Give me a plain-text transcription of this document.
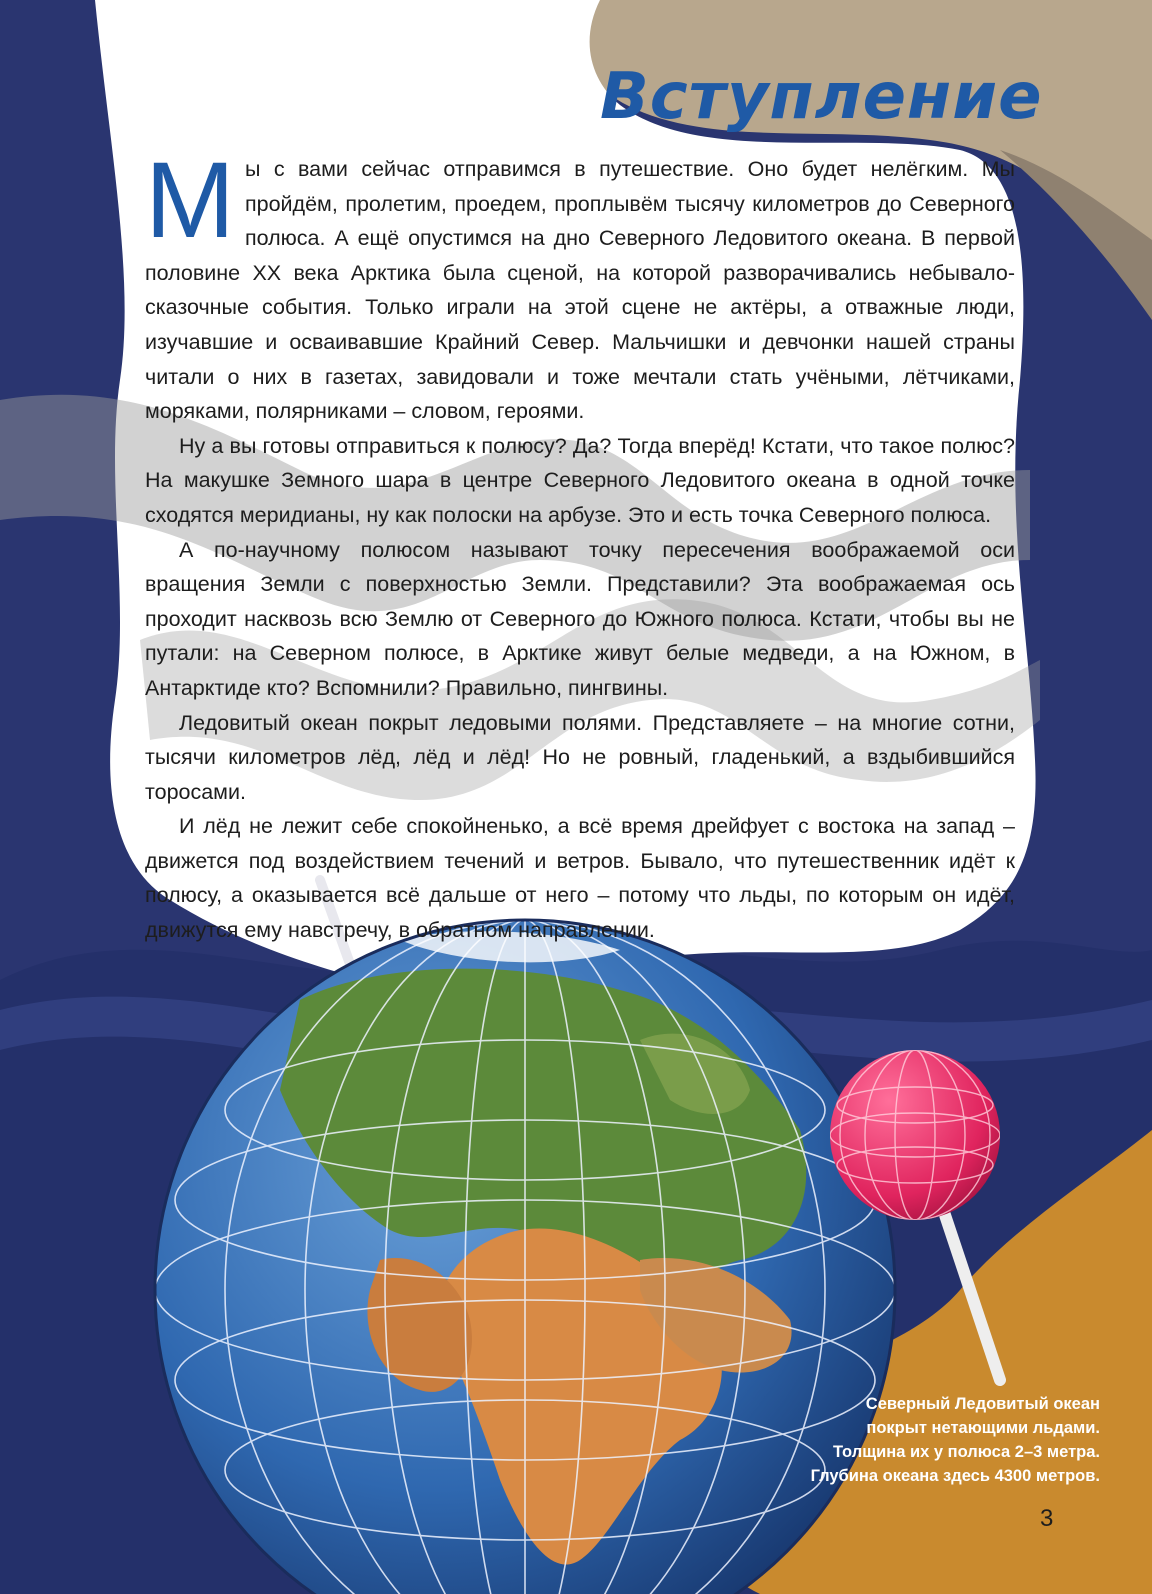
Вступление

Мы с вами сейчас отправимся в путешествие. Оно будет нелёгким. Мы пройдём, пролетим, проедем, проплывём тысячу километров до Северного полюса. А ещё опустимся на дно Северного Ледовитого океана. В первой половине XX века Арктика была сценой, на которой разворачивались небывало-сказочные события. Только играли на этой сцене не актёры, а отважные люди, изучавшие и осваивавшие Крайний Север. Мальчишки и девчонки нашей страны читали о них в газетах, завидовали и тоже мечтали стать учёными, лётчиками, моряками, полярниками – словом, героями.

Ну а вы готовы отправиться к полюсу? Да? Тогда вперёд! Кстати, что такое полюс? На макушке Земного шара в центре Северного Ледовитого океана в одной точке сходятся меридианы, ну как полоски на арбузе. Это и есть точка Северного полюса.

А по-научному полюсом называют точку пересечения воображаемой оси вращения Земли с поверхностью Земли. Представили? Эта воображаемая ось проходит насквозь всю Землю от Северного до Южного полюса. Кстати, чтобы вы не путали: на Северном полюсе, в Арктике живут белые медведи, а на Южном, в Антарктиде кто? Вспомнили? Правильно, пингвины.

Ледовитый океан покрыт ледовыми полями. Представляете – на многие сотни, тысячи километров лёд, лёд и лёд! Но не ровный, гладенький, а вздыбившийся торосами.

И лёд не лежит себе спокойненько, а всё время дрейфует с востока на запад – движется под воздействием течений и ветров. Бывало, что путешественник идёт к полюсу, а оказывается всё дальше от него – потому что льды, по которым он идёт, движутся ему навстречу, в обратном направлении.

Северный Ледовитый океан
покрыт нетающими льдами.
Толщина их у полюса 2–3 метра.
Глубина океана здесь 4300 метров.
3
